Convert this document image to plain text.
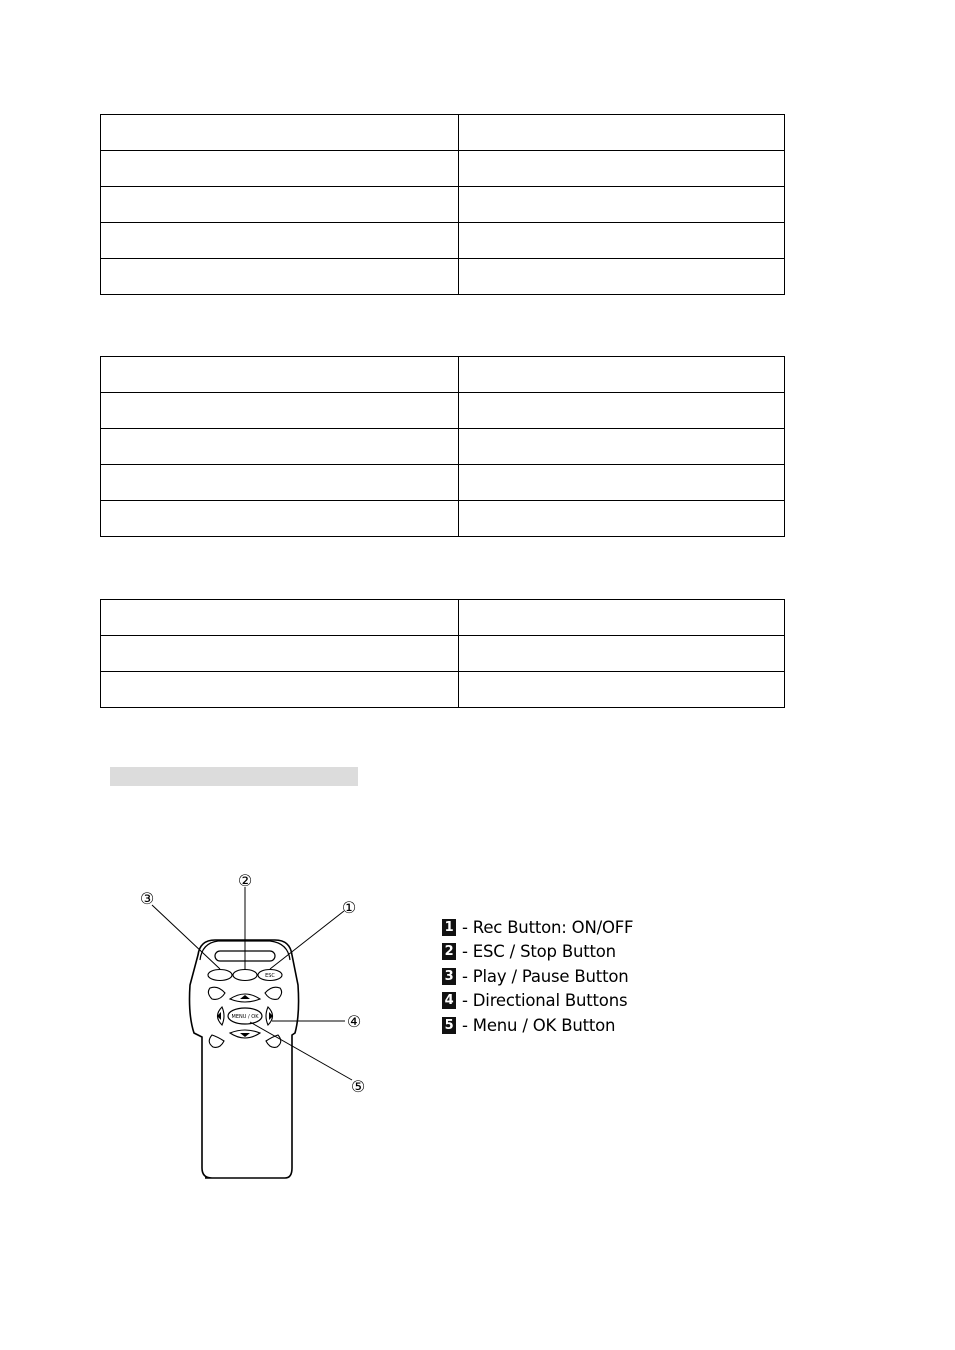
ESC
MENU / OK
①
②
③
④
⑤
1 - Rec Button: ON/OFF
2 - ESC / Stop Button
3 - Play / Pause Button
4 - Directional Buttons
5 - Menu / OK Button
